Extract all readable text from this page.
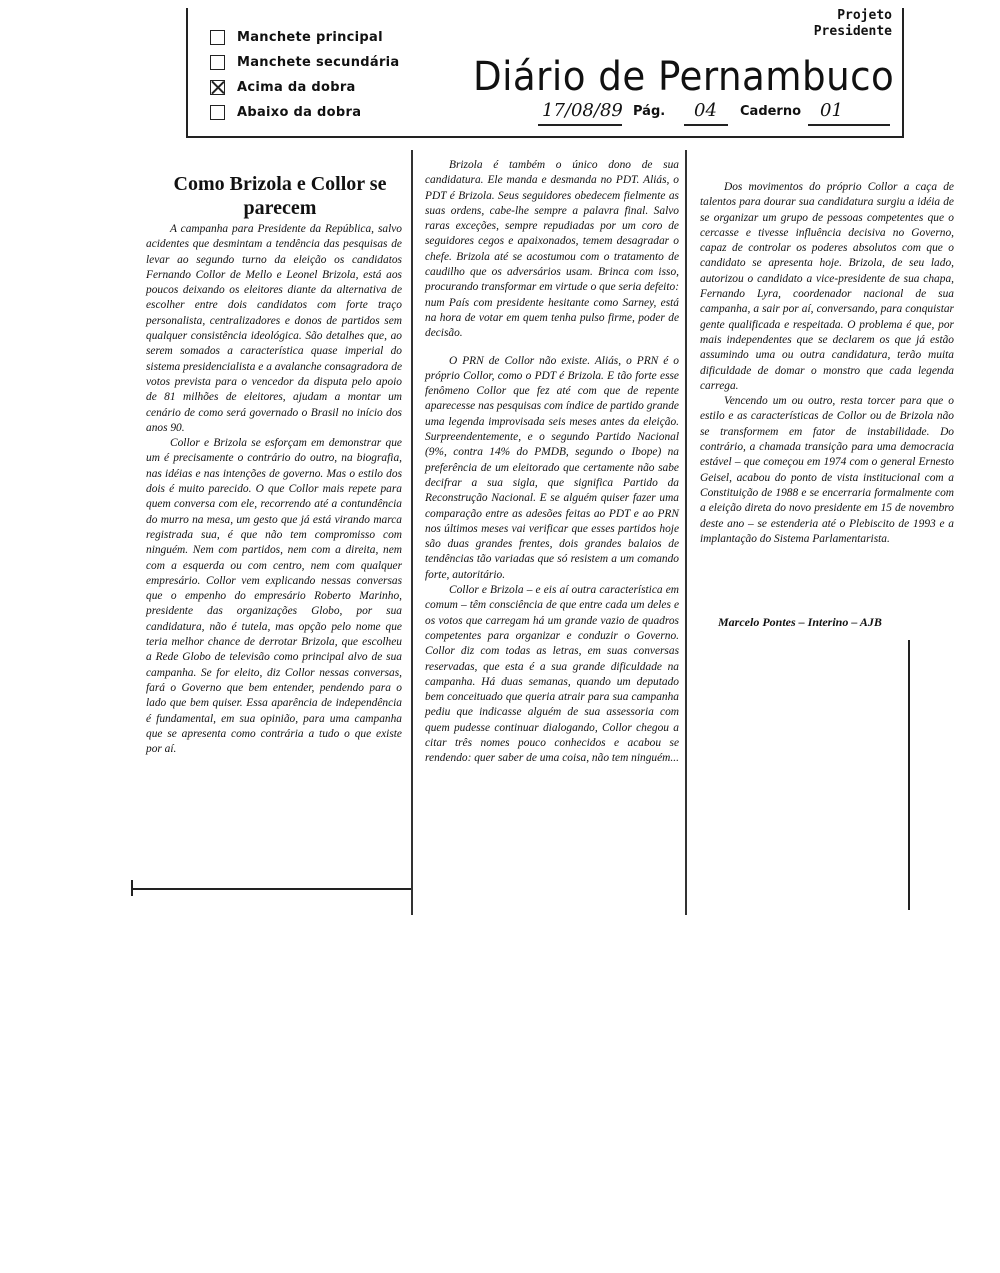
Manchete principal
Manchete secundária
Acima da dobra
Abaixo da dobra
Projeto
Presidente
Diário de Pernambuco
17/08/89 Pág. 04 Caderno 01
Como Brizola e Collor se parecem

A campanha para Presidente da República, salvo acidentes que desmintam a tendência das pesquisas de levar ao segundo turno da eleição os candidatos Fernando Collor de Mello e Leonel Brizola, está aos poucos deixando os eleitores diante da alternativa de escolher entre dois candidatos com forte traço personalista, centralizadores e donos de partidos sem qualquer consistência ideológica. São detalhes que, ao serem somados a característica quase imperial do sistema presidencialista e a avalanche consagradora de votos prevista para o vencedor da disputa pelo apoio de 81 milhões de eleitores, ajudam a montar um cenário de como será governado o Brasil no início dos anos 90.

Collor e Brizola se esforçam em demonstrar que um é precisamente o contrário do outro, na biografia, nas idéias e nas intenções de governo. Mas o estilo dos dois é muito parecido. O que Collor mais repete para quem conversa com ele, recorrendo até a contundência do murro na mesa, um gesto que já está virando marca registrada sua, é que não tem compromisso com ninguém. Nem com partidos, nem com a direita, nem com a esquerda ou com centro, nem com qualquer empresário. Collor vem explicando nessas conversas que o empenho do empresário Roberto Marinho, presidente das organizações Globo, por sua candidatura, não é tutela, mas opção pelo nome que teria melhor chance de derrotar Brizola, que escolheu a Rede Globo de televisão como principal alvo de sua campanha. Se for eleito, diz Collor nessas conversas, fará o Governo que bem entender, pendendo para o lado que bem quiser. Essa aparência de independência é fundamental, em sua opinião, para uma campanha que se apresenta como contrária a tudo o que existe por aí.

Brizola é também o único dono de sua candidatura. Ele manda e desmanda no PDT. Aliás, o PDT é Brizola. Seus seguidores obedecem fielmente as suas ordens, cabe-lhe sempre a palavra final. Salvo raras exceções, sempre repudiadas por um coro de seguidores cegos e apaixonados, temem desagradar o chefe. Brizola até se acostumou com o tratamento de caudilho que os adversários usam. Brinca com isso, procurando transformar em virtude o que seria defeito: num País com presidente hesitante como Sarney, está na hora de votar em quem tenha pulso firme, poder de decisão.

O PRN de Collor não existe. Aliás, o PRN é o próprio Collor, como o PDT é Brizola. E tão forte esse fenômeno Collor que fez até com que de repente aparecesse nas pesquisas com índice de partido grande uma legenda improvisada seis meses antes da eleição. Surpreendentemente, e o segundo Partido Nacional (9%, contra 14% do PMDB, segundo o Ibope) na preferência de um eleitorado que certamente não sabe decifrar a sua sigla, que significa Partido da Reconstrução Nacional. E se alguém quiser fazer uma comparação entre as adesões feitas ao PDT e ao PRN nos últimos meses vai verificar que esses partidos hoje são duas grandes frentes, dois grandes balaios de tendências tão variadas que só resistem a um comando forte, autoritário.

Collor e Brizola – e eis aí outra característica em comum – têm consciência de que entre cada um deles e os votos que carregam há um grande vazio de quadros competentes para organizar e conduzir o Governo. Collor diz com todas as letras, em suas conversas reservadas, que esta é a sua grande dificuldade na campanha. Há duas semanas, quando um deputado bem conceituado que queria atrair para sua campanha pediu que indicasse alguém de sua assessoria com quem pudesse continuar dialogando, Collor chegou a citar três nomes pouco conhecidos e acabou se rendendo: quer saber de uma coisa, não tem ninguém...

Dos movimentos do próprio Collor a caça de talentos para dourar sua candidatura surgiu a idéia de se organizar um grupo de pessoas competentes que o cercasse e tivesse influência decisiva no Governo, capaz de controlar os poderes absolutos com que o candidato se apresenta hoje. Brizola, de seu lado, autorizou o candidato a vice-presidente de sua chapa, Fernando Lyra, coordenador nacional de sua campanha, a sair por aí, conversando, para conquistar gente qualificada e respeitada. O problema é que, por mais independentes que se declarem os que já estão assumindo uma ou outra candidatura, terão muita dificuldade de domar o monstro que cada legenda carrega.

Vencendo um ou outro, resta torcer para que o estilo e as características de Collor ou de Brizola não se transformem em fator de instabilidade. Do contrário, a chamada transição para uma democracia estável – que começou em 1974 com o general Ernesto Geisel, acabou do ponto de vista institucional com a Constituição de 1988 e se encerraria formalmente com a eleição direta do novo presidente em 15 de novembro deste ano – se estenderia até o Plebiscito de 1993 e a implantação do Sistema Parlamentarista.

Marcelo Pontes – Interino – AJB
